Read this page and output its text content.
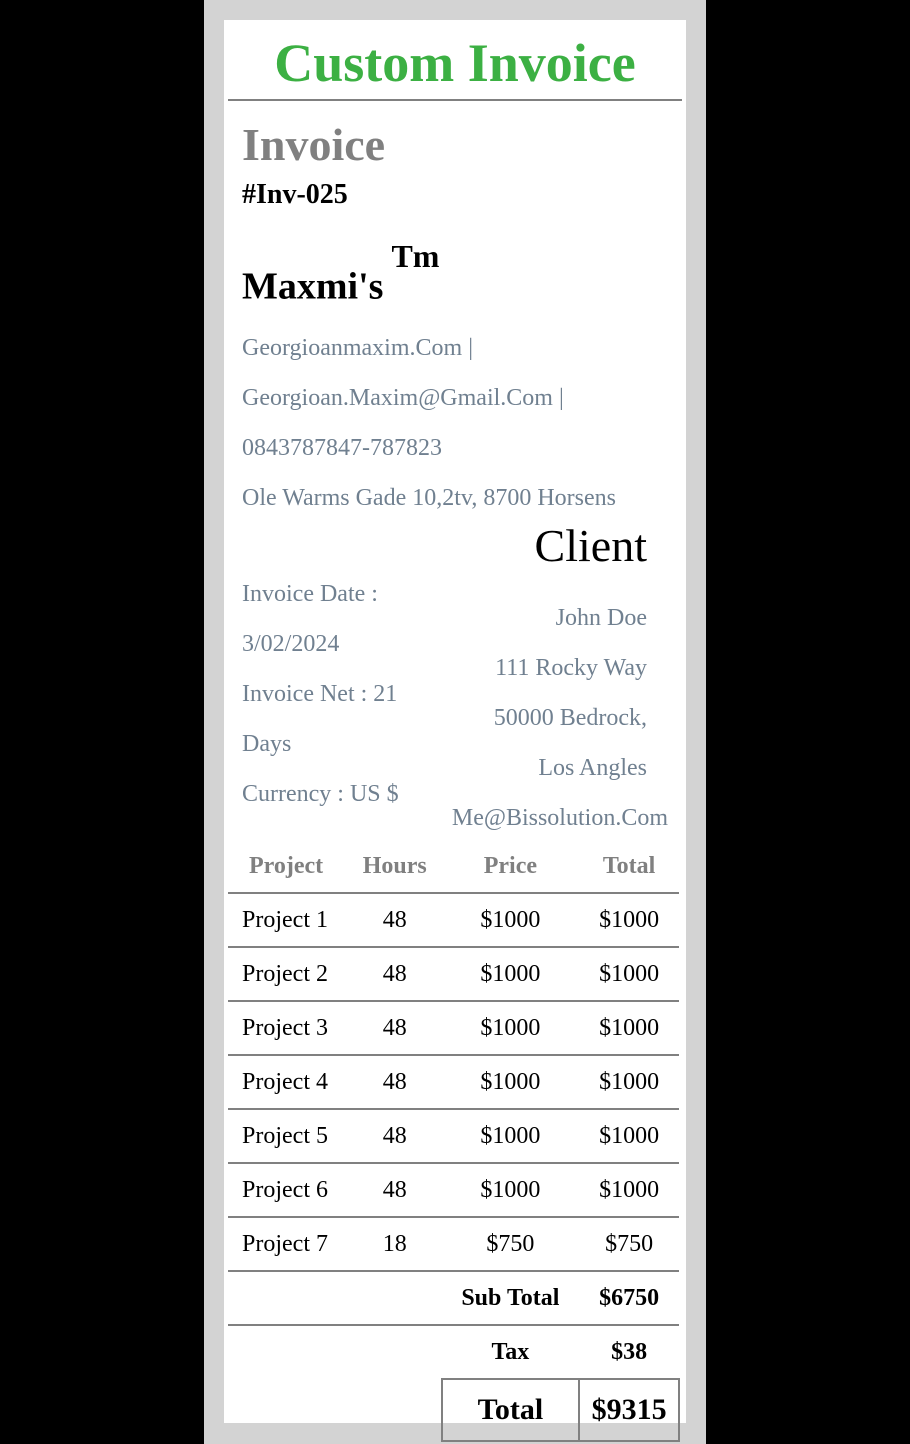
Custom Invoice
Invoice
#Inv-025
$Maxmi's^{Tm}$
Georgioanmaxim.Com |
Georgioan.Maxim@Gmail.Com |
0843787847-787823
Ole Warms Gade 10,2tv, 8700 Horsens
Invoice Date :
3/02/2024
Invoice Net : 21
Days
Currency : US $
Client
John Doe
111 Rocky Way
50000 Bedrock,
Los Angles
Me@Bissolution.Com
Project	Hours	Price	Total
Project 1	48	$1000	$1000
Project 2	48	$1000	$1000
Project 3	48	$1000	$1000
Project 4	48	$1000	$1000
Project 5	48	$1000	$1000
Project 6	48	$1000	$1000
Project 7	18	$750	$750
		Sub Total	$6750
		Tax	$38
		Total	$9315
